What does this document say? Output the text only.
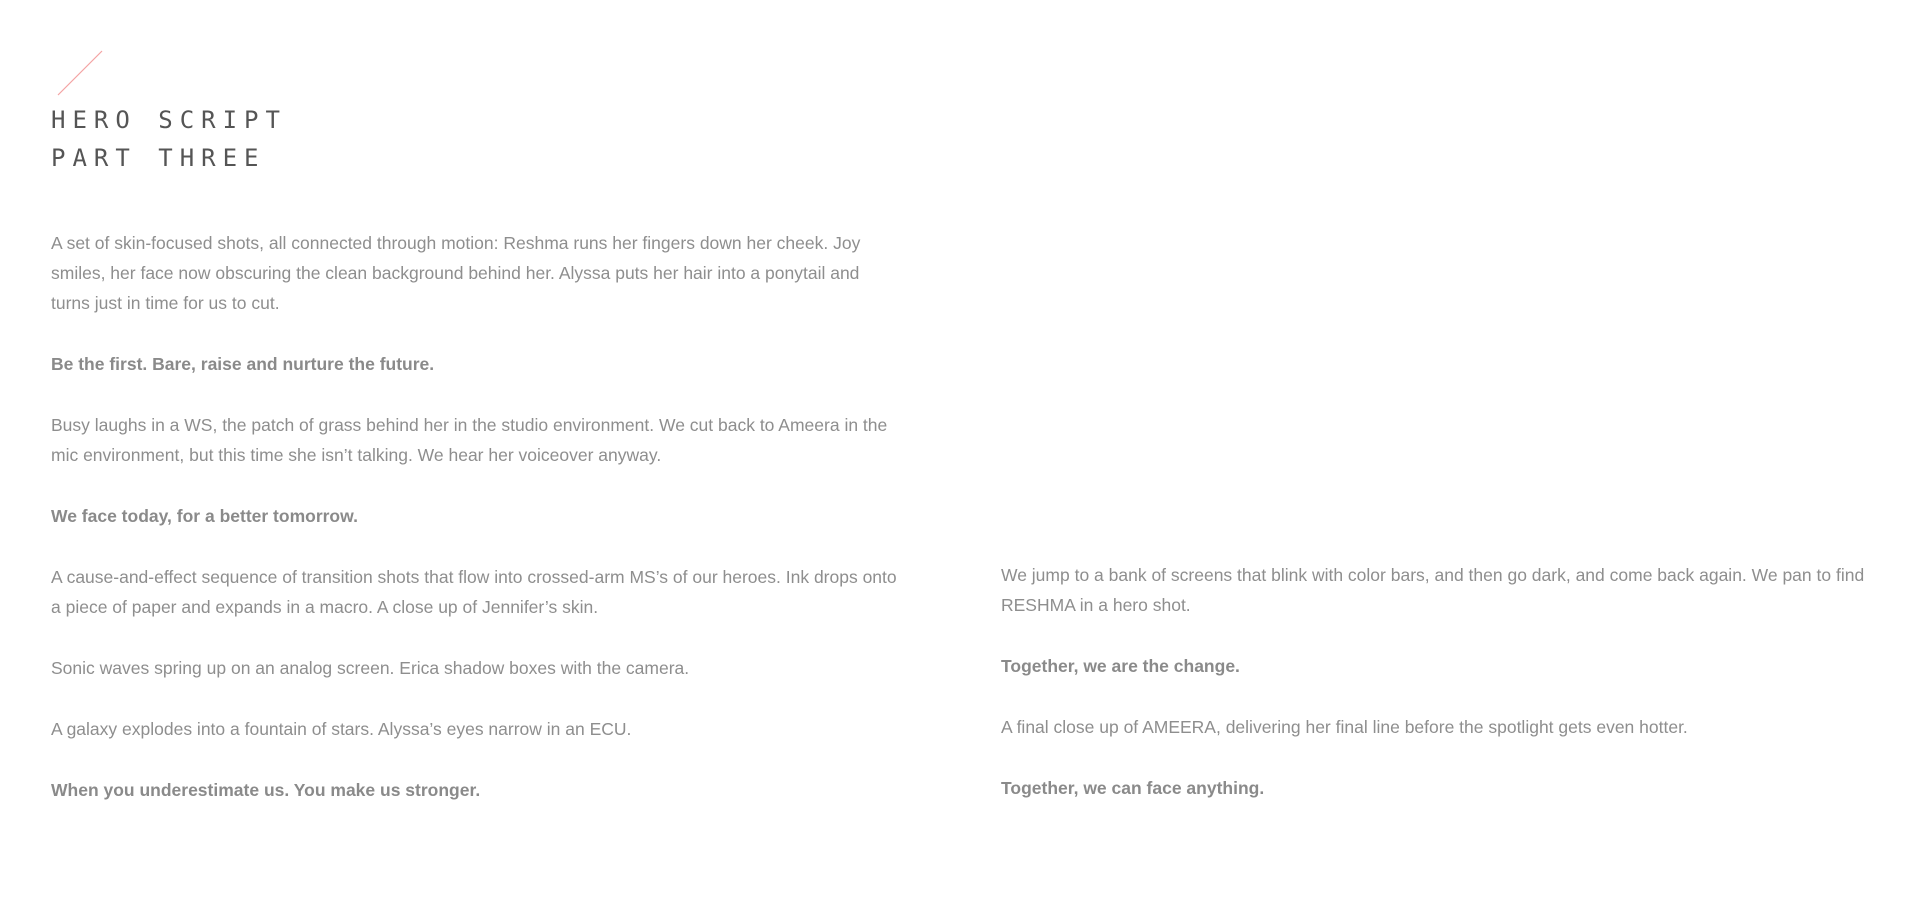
HERO SCRIPT
PART THREE

A set of skin-focused shots, all connected through motion: Reshma runs her fingers down her cheek. Joy smiles, her face now obscuring the clean background behind her. Alyssa puts her hair into a ponytail and turns just in time for us to cut.

Be the first. Bare, raise and nurture the future.

Busy laughs in a WS, the patch of grass behind her in the studio environment. We cut back to Ameera in the mic environment, but this time she isn’t talking. We hear her voiceover anyway.

We face today, for a better tomorrow.

A cause-and-effect sequence of transition shots that flow into crossed-arm MS’s of our heroes. Ink drops onto a piece of paper and expands in a macro. A close up of Jennifer’s skin.

Sonic waves spring up on an analog screen. Erica shadow boxes with the camera.

A galaxy explodes into a fountain of stars. Alyssa’s eyes narrow in an ECU.

When you underestimate us. You make us stronger.

We jump to a bank of screens that blink with color bars, and then go dark, and come back again. We pan to find RESHMA in a hero shot.

Together, we are the change.

A final close up of AMEERA, delivering her final line before the spotlight gets even hotter.

Together, we can face anything.
